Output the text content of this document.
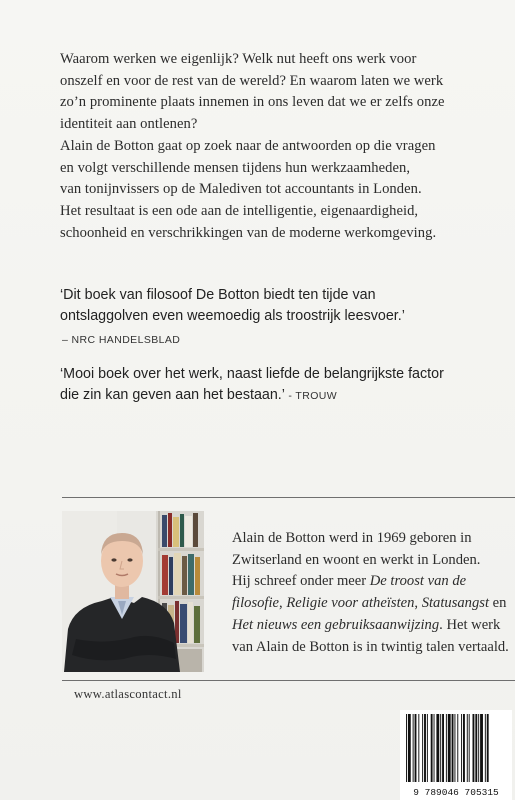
Waarom werken we eigenlijk? Welk nut heeft ons werk voor

onszelf en voor de rest van de wereld? En waarom laten we werk

zo’n prominente plaats innemen in ons leven dat we er zelfs onze

identiteit aan ontlenen?

Alain de Botton gaat op zoek naar de antwoorden op die vragen

en volgt verschillende mensen tijdens hun werkzaamheden,

van tonijnvissers op de Malediven tot accountants in Londen.

Het resultaat is een ode aan de intelligentie, eigenaardigheid,

schoonheid en verschrikkingen van de moderne werkomgeving.

‘Dit boek van filosoof De Botton biedt ten tijde van
ontslaggolven even weemoedig als troostrijk leesvoer.’
– NRC HANDELSBLAD
‘Mooi boek over het werk, naast liefde de belangrijkste factor
die zin kan geven aan het bestaan.’ - TROUW
Alain de Botton werd in 1969 geboren in
Zwitserland en woont en werkt in Londen.
Hij schreef onder meer De troost van de
filosofie, Religie voor atheïsten, Statusangst en
Het nieuws een gebruiksaanwijzing. Het werk
van Alain de Botton is in twintig talen vertaald.
www.atlascontact.nl
9 789046 705315
